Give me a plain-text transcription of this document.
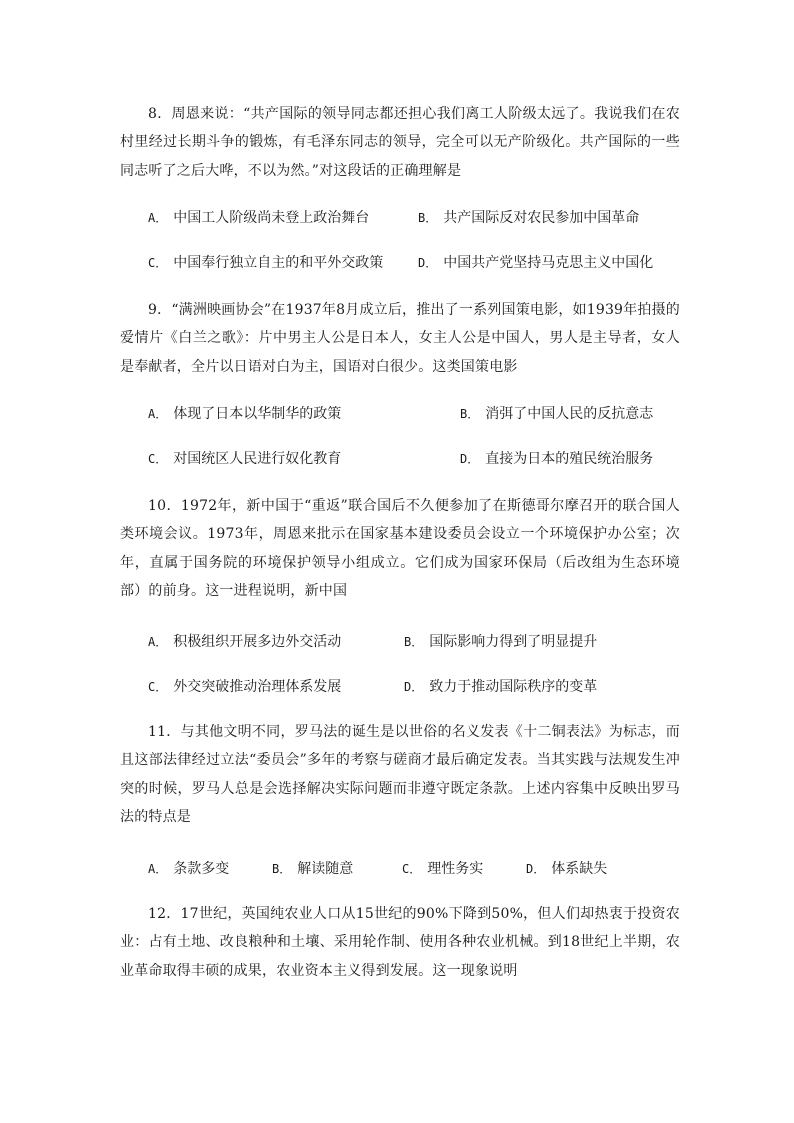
8．周恩来说：“共产国际的领导同志都还担心我们离工人阶级太远了。我说我们在农村里经过长期斗争的锻炼，有毛泽东同志的领导，完全可以无产阶级化。共产国际的一些同志听了之后大哗，不以为然。”对这段话的正确理解是

A． 中国工人阶级尚未登上政治舞台	B． 共产国际反对农民参加中国革命
C． 中国奉行独立自主的和平外交政策	D． 中国共产党坚持马克思主义中国化

9．“满洲映画协会”在1937年8月成立后，推出了一系列国策电影，如1939年拍摄的爱情片《白兰之歌》：片中男主人公是日本人，女主人公是中国人，男人是主导者，女人是奉献者，全片以日语对白为主，国语对白很少。这类国策电影

A． 体现了日本以华制华的政策	B． 消弭了中国人民的反抗意志
C． 对国统区人民进行奴化教育	D． 直接为日本的殖民统治服务

10．1972年，新中国于“重返”联合国后不久便参加了在斯德哥尔摩召开的联合国人类环境会议。1973年，周恩来批示在国家基本建设委员会设立一个环境保护办公室；次年，直属于国务院的环境保护领导小组成立。它们成为国家环保局（后改组为生态环境部）的前身。这一进程说明，新中国

A． 积极组织开展多边外交活动	B． 国际影响力得到了明显提升
C． 外交突破推动治理体系发展	D． 致力于推动国际秩序的变革

11．与其他文明不同，罗马法的诞生是以世俗的名义发表《十二铜表法》为标志，而且这部法律经过立法“委员会”多年的考察与磋商才最后确定发表。当其实践与法规发生冲突的时候，罗马人总是会选择解决实际问题而非遵守既定条款。上述内容集中反映出罗马法的特点是

A． 条款多变	B． 解读随意	C． 理性务实	D． 体系缺失

12．17世纪，英国纯农业人口从15世纪的90%下降到50%，但人们却热衷于投资农业：占有土地、改良粮种和土壤、采用轮作制、使用各种农业机械。到18世纪上半期，农业革命取得丰硕的成果，农业资本主义得到发展。这一现象说明
